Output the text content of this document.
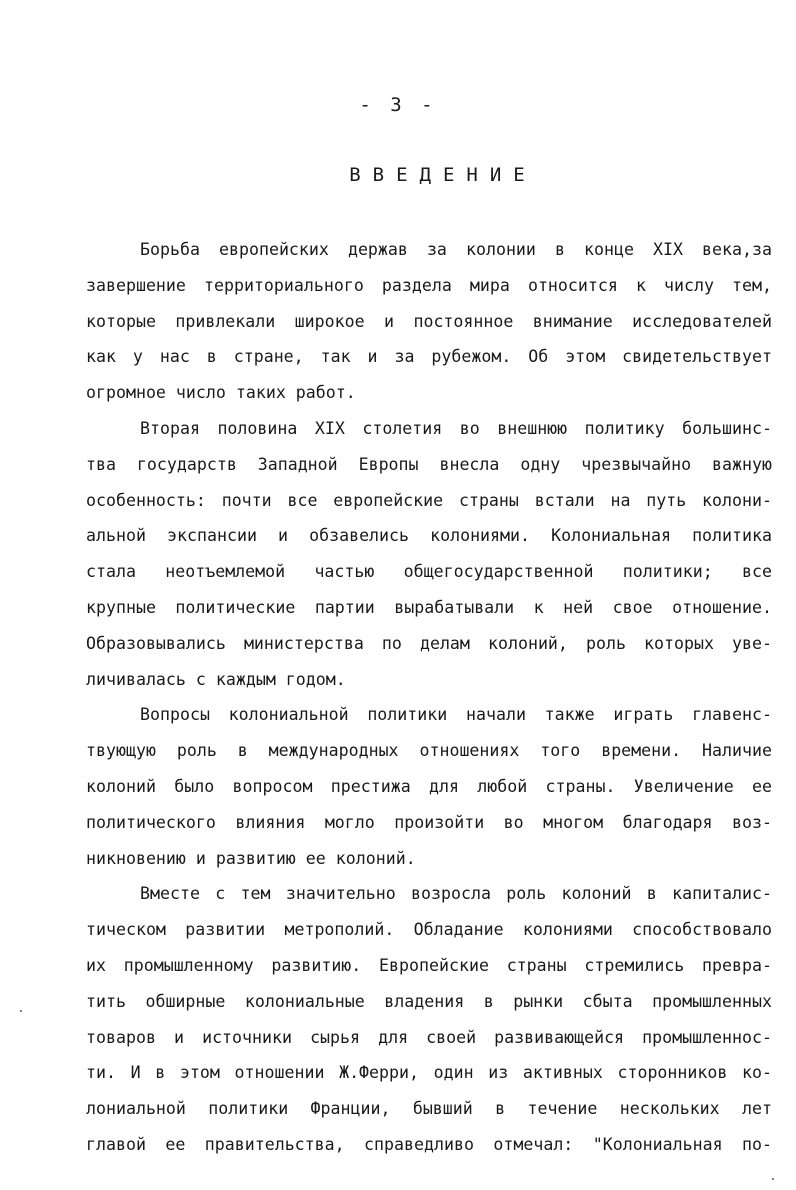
- 3 -
ВВЕДЕНИЕ
Борьба европейских держав за колонии в конце XIX века,за
завершение территориального раздела мира относится к числу тем,
которые привлекали широкое и постоянное внимание исследователей
как у нас в стране, так и за рубежом. Об этом свидетельствует
огромное число таких работ.
Вторая половина XIX столетия во внешнюю политику большинс-
тва государств Западной Европы внесла одну чрезвычайно важную
особенность: почти все европейские страны встали на путь колони-
альной экспансии и обзавелись колониями. Колониальная политика
стала неотъемлемой частью общегосударственной политики; все
крупные политические партии вырабатывали к ней свое отношение.
Образовывались министерства по делам колоний, роль которых уве-
личивалась с каждым годом.
Вопросы колониальной политики начали также играть главенс-
твующую роль в международных отношениях того времени. Наличие
колоний было вопросом престижа для любой страны. Увеличение ее
политического влияния могло произойти во многом благодаря воз-
никновению и развитию ее колоний.
Вместе с тем значительно возросла роль колоний в капиталис-
тическом развитии метрополий. Обладание колониями способствовало
их промышленному развитию. Европейские страны стремились превра-
тить обширные колониальные владения в рынки сбыта промышленных
товаров и источники сырья для своей развивающейся промышленнос-
ти. И в этом отношении Ж.Ферри, один из активных сторонников ко-
лониальной политики Франции, бывший в течение нескольких лет
главой ее правительства, справедливо отмечал: "Колониальная по-
